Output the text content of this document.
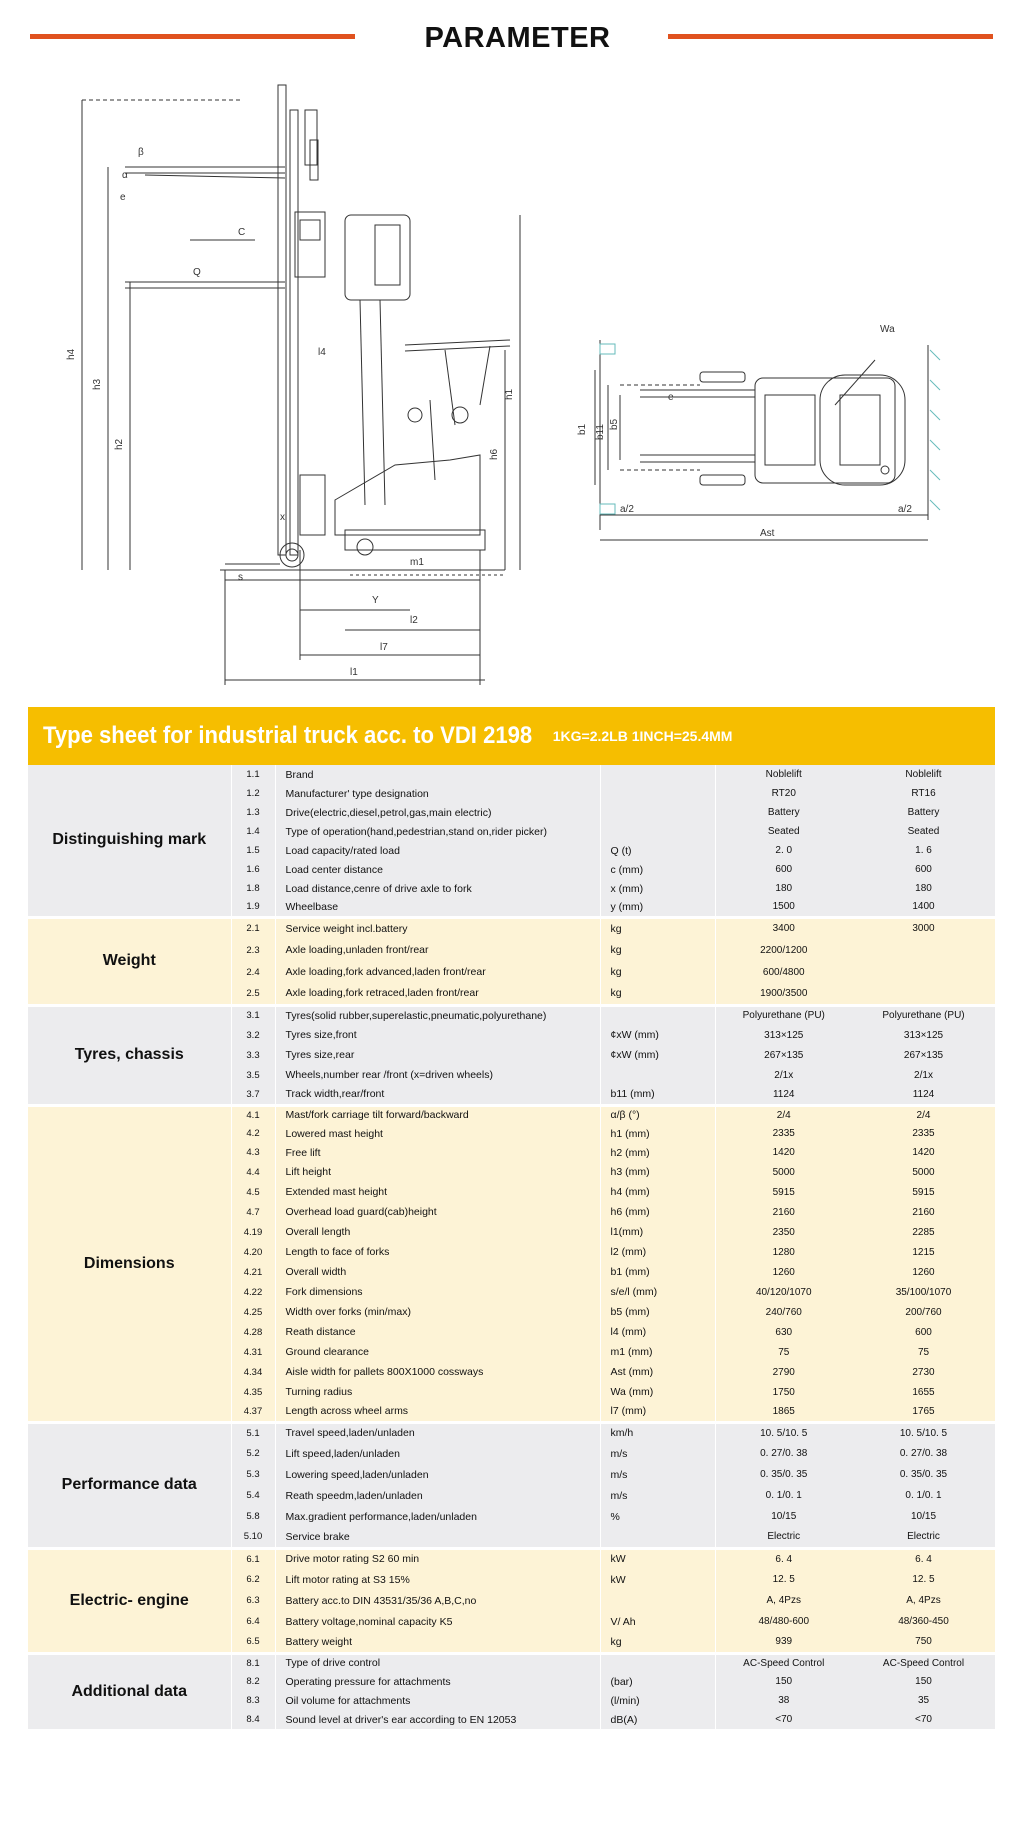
PARAMETER
h4
h3
h2
h1
h6
C
Q
l4
Y
l2
l7
l1
s
e
β
α
x
m1
Wa
b1 b11 b5
e
a/2	a/2
Ast
Type sheet for industrial truck acc. to VDI 2198 1KG=2.2LB 1INCH=25.4MM
Distinguishing mark	1.1	Brand		Noblelift	Noblelift
	1.2	Manufacturer' type designation		RT20	RT16
	1.3	Drive(electric,diesel,petrol,gas,main electric)		Battery	Battery
	1.4	Type of operation(hand,pedestrian,stand on,rider picker)		Seated	Seated
	1.5	Load capacity/rated load	Q (t)	2. 0	1. 6
	1.6	Load center distance	c (mm)	600	600
	1.8	Load distance,cenre of drive axle to fork	x (mm)	180	180
	1.9	Wheelbase	y (mm)	1500	1400
Weight	2.1	Service weight incl.battery	kg	3400	3000
	2.3	Axle loading,unladen front/rear	kg	2200/1200	
	2.4	Axle loading,fork advanced,laden front/rear	kg	600/4800	
	2.5	Axle loading,fork retraced,laden front/rear	kg	1900/3500	
Tyres, chassis	3.1	Tyres(solid rubber,superelastic,pneumatic,polyurethane)		Polyurethane (PU)	Polyurethane (PU)
	3.2	Tyres size,front	¢xW (mm)	313×125	313×125
	3.3	Tyres size,rear	¢xW (mm)	267×135	267×135
	3.5	Wheels,number rear /front (x=driven wheels)		2/1x	2/1x
	3.7	Track width,rear/front	b11 (mm)	1124	1124
Dimensions	4.1	Mast/fork carriage tilt forward/backward	α/β (°)	2/4	2/4
	4.2	Lowered mast height	h1 (mm)	2335	2335
	4.3	Free lift	h2 (mm)	1420	1420
	4.4	Lift height	h3 (mm)	5000	5000
	4.5	Extended mast height	h4 (mm)	5915	5915
	4.7	Overhead load guard(cab)height	h6 (mm)	2160	2160
	4.19	Overall length	l1(mm)	2350	2285
	4.20	Length to face of forks	l2 (mm)	1280	1215
	4.21	Overall width	b1 (mm)	1260	1260
	4.22	Fork dimensions	s/e/l (mm)	40/120/1070	35/100/1070
	4.25	Width over forks (min/max)	b5 (mm)	240/760	200/760
	4.28	Reath distance	l4 (mm)	630	600
	4.31	Ground clearance	m1 (mm)	75	75
	4.34	Aisle width for pallets 800X1000 cossways	Ast (mm)	2790	2730
	4.35	Turning radius	Wa (mm)	1750	1655
	4.37	Length across wheel arms	l7 (mm)	1865	1765
Performance data	5.1	Travel speed,laden/unladen	km/h	10. 5/10. 5	10. 5/10. 5
	5.2	Lift speed,laden/unladen	m/s	0. 27/0. 38	0. 27/0. 38
	5.3	Lowering speed,laden/unladen	m/s	0. 35/0. 35	0. 35/0. 35
	5.4	Reath speedm,laden/unladen	m/s	0. 1/0. 1	0. 1/0. 1
	5.8	Max.gradient performance,laden/unladen	%	10/15	10/15
	5.10	Service brake		Electric	Electric
Electric- engine	6.1	Drive motor rating S2 60 min	kW	6. 4	6. 4
	6.2	Lift motor rating at S3 15%	kW	12. 5	12. 5
	6.3	Battery acc.to DIN 43531/35/36 A,B,C,no		A, 4Pzs	A, 4Pzs
	6.4	Battery voltage,nominal capacity K5	V/ Ah	48/480-600	48/360-450
	6.5	Battery weight	kg	939	750
Additional data	8.1	Type of drive control		AC-Speed Control	AC-Speed Control
	8.2	Operating pressure for attachments	(bar)	150	150
	8.3	Oil volume for attachments	(l/min)	38	35
	8.4	Sound level at driver's ear according to EN 12053	dB(A)	<70	<70
